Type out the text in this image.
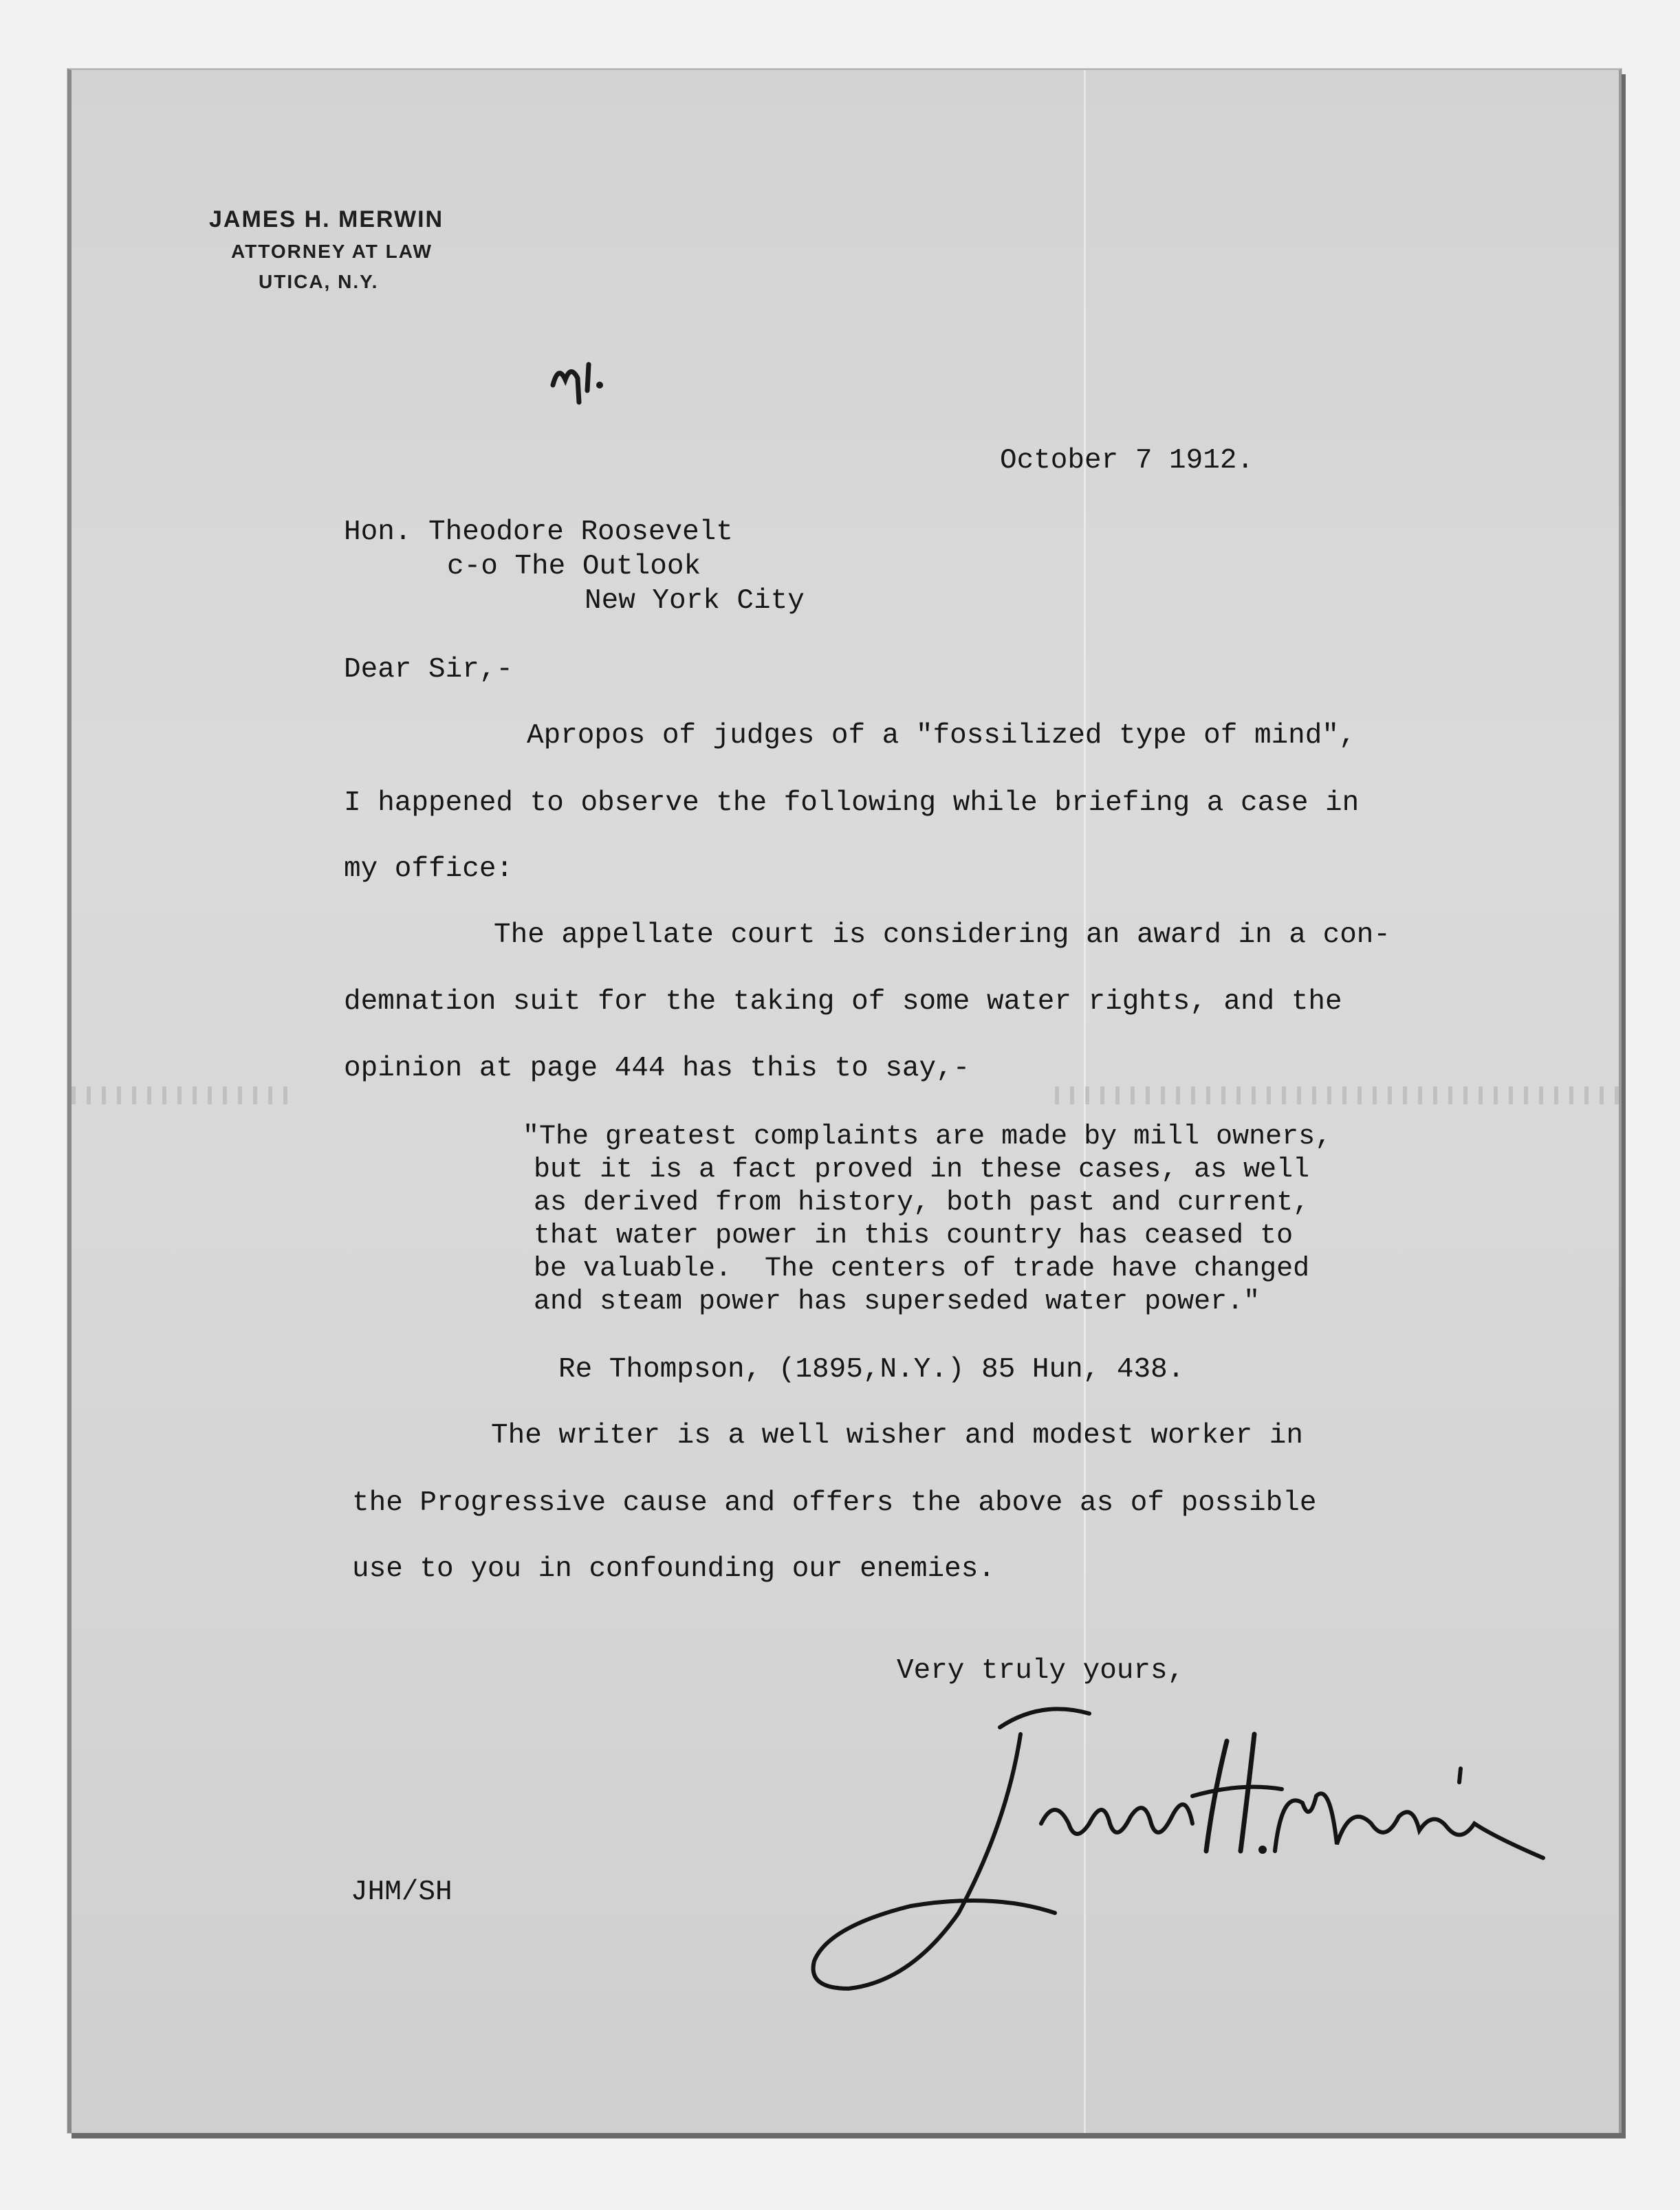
JAMES H. MERWIN
ATTORNEY AT LAW
UTICA, N.Y.
October 7 1912.
Hon. Theodore Roosevelt
c-o The Outlook
New York City
Dear Sir,-
Apropos of judges of a "fossilized type of mind",
I happened to observe the following while briefing a case in
my office:
The appellate court is considering an award in a con-
demnation suit for the taking of some water rights, and the
opinion at page 444 has this to say,-
"The greatest complaints are made by mill owners,
but it is a fact proved in these cases, as well
as derived from history, both past and current,
that water power in this country has ceased to
be valuable.  The centers of trade have changed
and steam power has superseded water power."
Re Thompson, (1895,N.Y.) 85 Hun, 438.
The writer is a well wisher and modest worker in
the Progressive cause and offers the above as of possible
use to you in confounding our enemies.
Very truly yours,
JHM/SH
